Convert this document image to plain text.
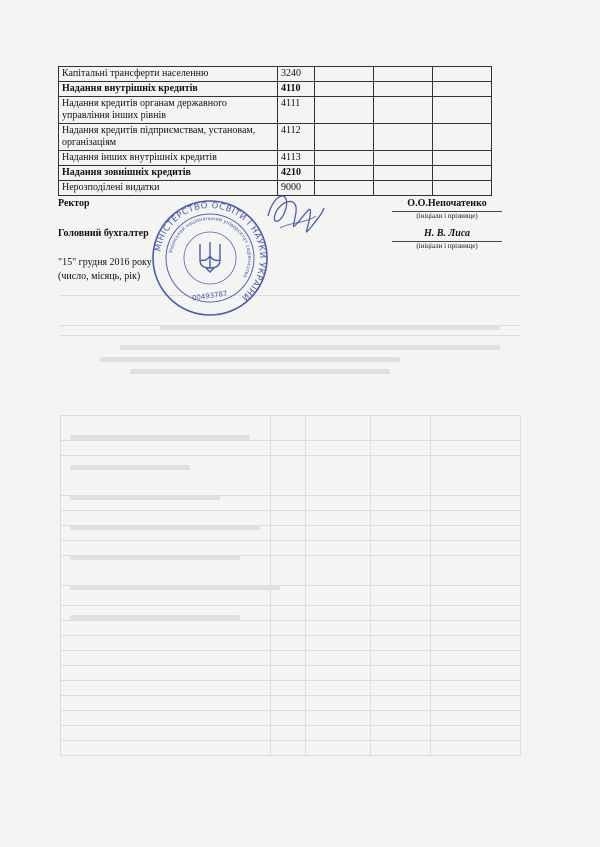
Капітальні трансферти населенню	3240			
Надання внутрішніх кредитів	4110			
Надання кредитів органам державного управління інших рівнів	4111			
Надання кредитів підприємствам, установам, організаціям	4112			
Надання інших внутрішніх кредитів	4113			
Надання зовнішніх кредитів	4210			
Нерозподілені видатки	9000			
Ректор	О.О.Непочатенко
(ініціали і прізвище)
Головний бухгалтер	Н. В. Лиса
(ініціали і прізвище)
"15" грудня 2016 року
(число, місяць, рік)
МІНІСТЕРСТВО ОСВІТИ І НАУКИ УКРАЇНИ
Уманський національний університет садівництва
00493787
